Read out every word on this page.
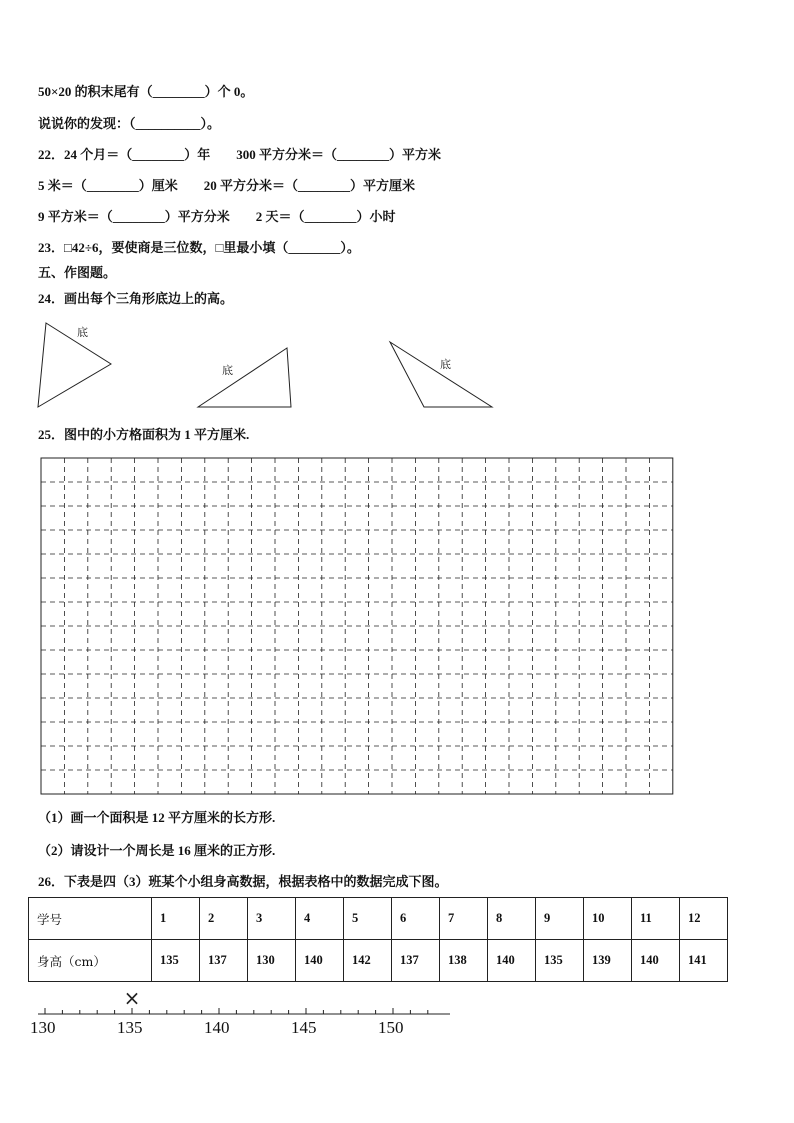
50×20 的积末尾有（________）个 0。
说说你的发现：（__________）。
22．24 个月＝（________）年　　300 平方分米＝（________）平方米
5 米＝（________）厘米　　20 平方分米＝（________）平方厘米
9 平方米＝（________）平方分米　　2 天＝（________）小时
23．□42÷6，要使商是三位数，□里最小填（________）。
五、作图题。
24．画出每个三角形底边上的高。
底
底	底
25．图中的小方格面积为 1 平方厘米.
（1）画一个面积是 12 平方厘米的长方形.
（2）请设计一个周长是 16 厘米的正方形.
26．下表是四（3）班某个小组身高数据，根据表格中的数据完成下图。
学号	1	2	3	4	5	6	7	8	9	10	11	12
身高（cm）	135	137	130	140	142	137	138	140	135	139	140	141
×
130	135	140	145	150
